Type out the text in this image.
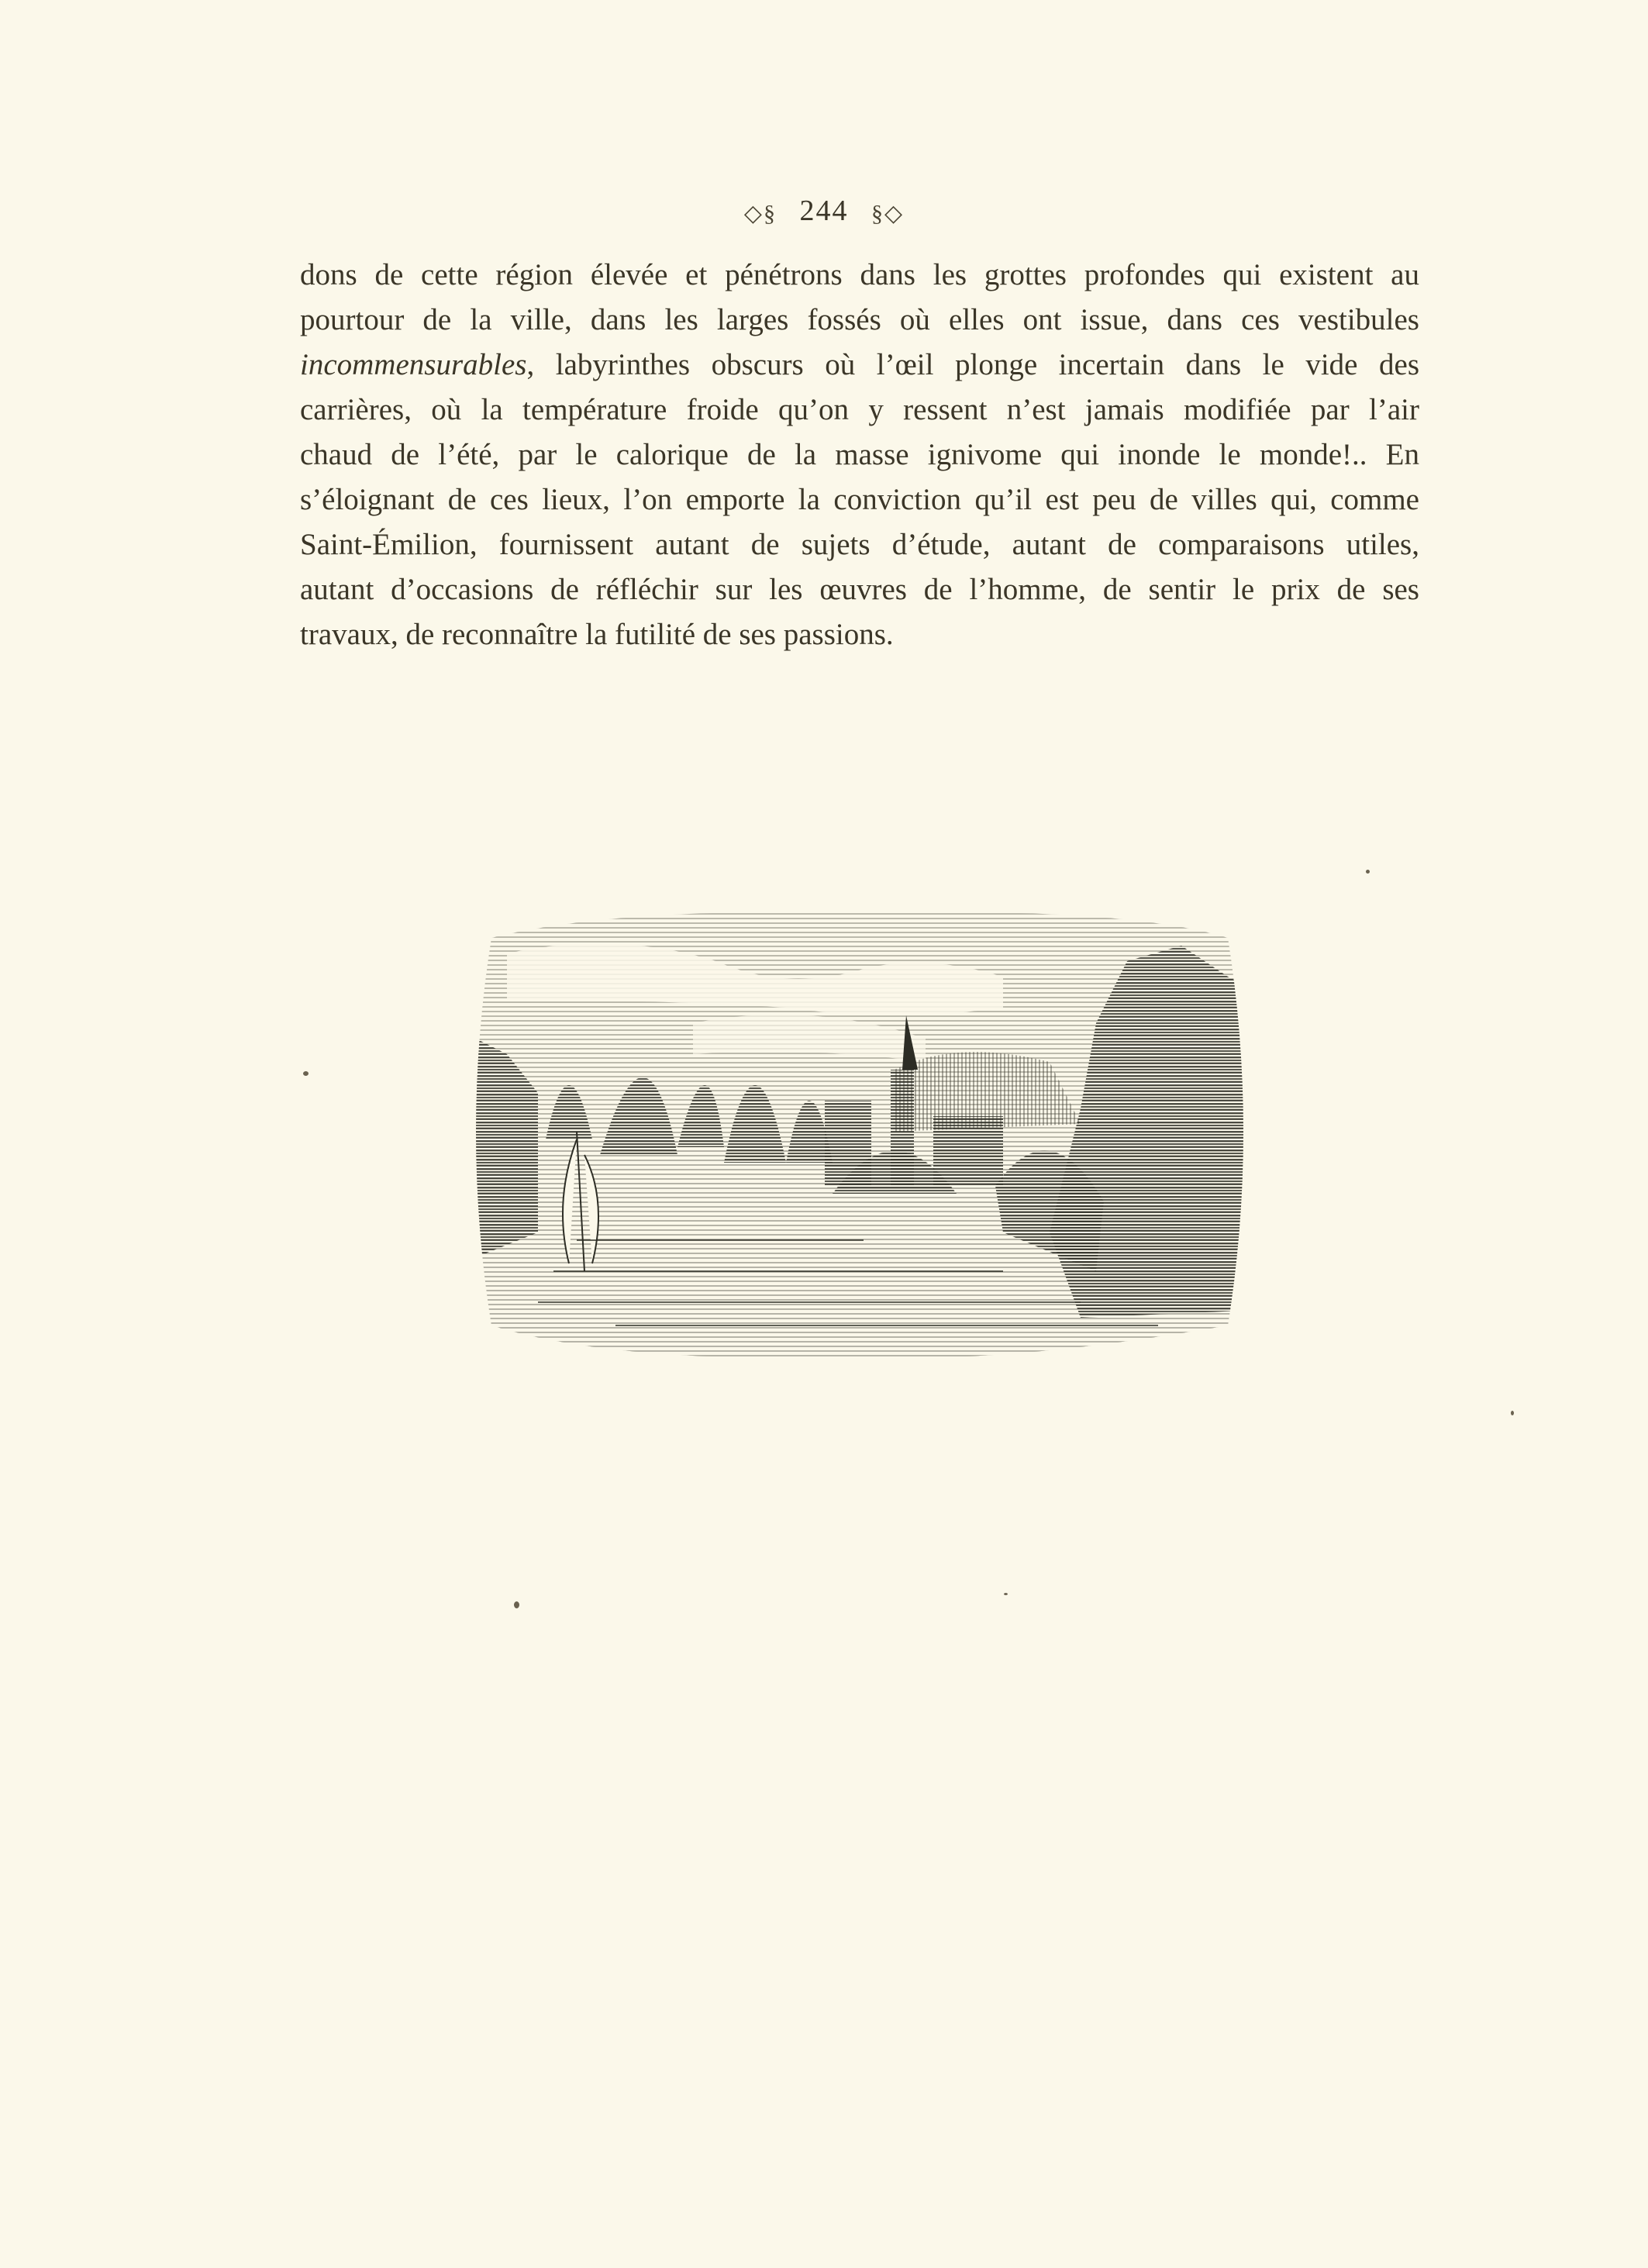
◇§ 244 §◇
dons de cette région élevée et pénétrons dans les grottes profondes qui existent au
pourtour de la ville, dans les larges fossés où elles ont issue, dans ces vestibules
incommensurables, labyrinthes obscurs où l’œil plonge incertain dans le vide des
carrières, où la température froide qu’on y ressent n’est jamais modifiée par l’air
chaud de l’été, par le calorique de la masse ignivome qui inonde le monde!.. En
s’éloignant de ces lieux, l’on emporte la conviction qu’il est peu de villes qui, comme
Saint-Émilion, fournissent autant de sujets d’étude, autant de comparaisons utiles,
autant d’occasions de réfléchir sur les œuvres de l’homme, de sentir le prix de ses
travaux, de reconnaître la futilité de ses passions.
